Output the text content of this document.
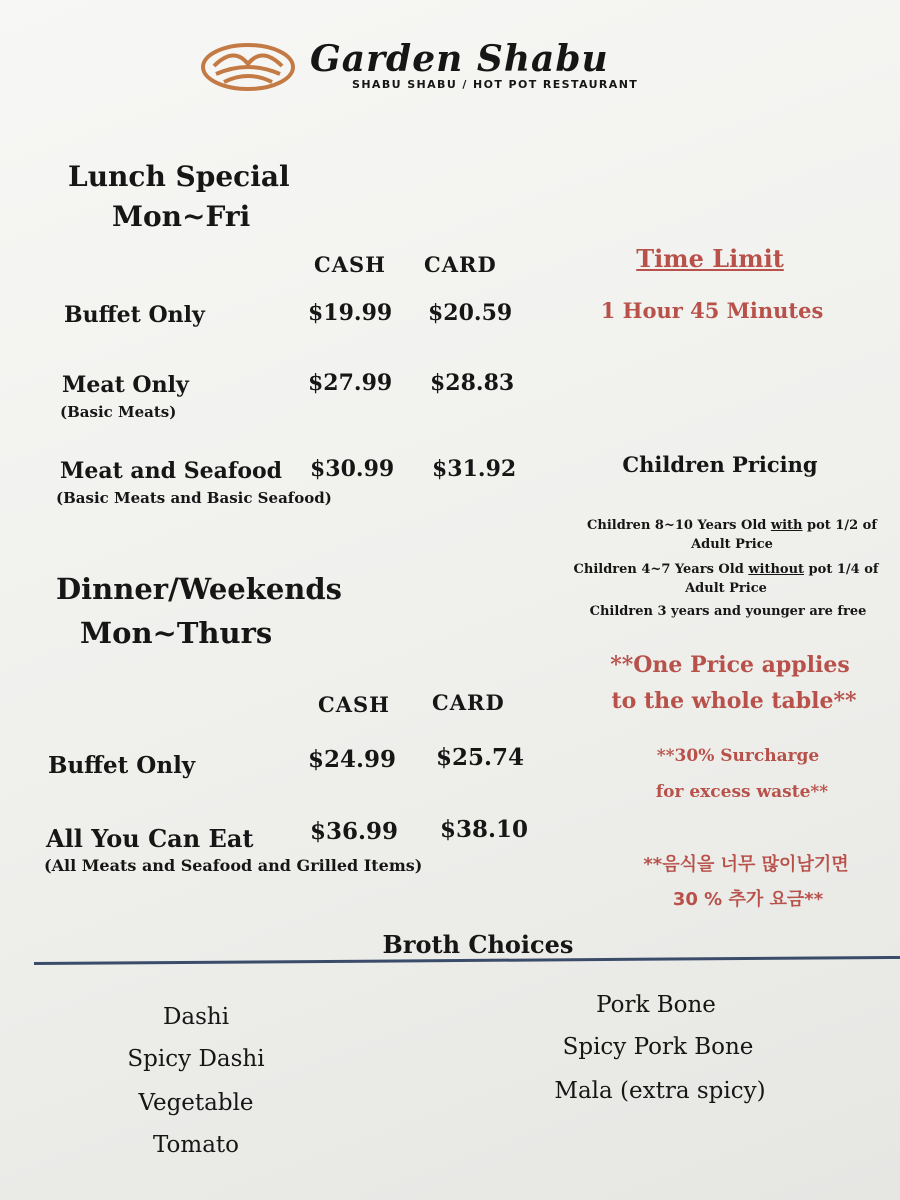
Garden Shabu
SHABU SHABU / HOT POT RESTAURANT
Lunch Special
Mon~Fri
CASH CARD
Buffet Only	$19.99 $20.59
Meat Only
(Basic Meats)
$27.99 $28.83
Meat and Seafood
(Basic Meats and Basic Seafood)
$30.99 $31.92
Dinner/Weekends
Mon~Thurs
CASH CARD
Buffet Only	$24.99 $25.74
All You Can Eat
(All Meats and Seafood and Grilled Items)
$36.99 $38.10
Time Limit
1 Hour 45 Minutes
Children Pricing
Children 8~10 Years Old with pot 1/2 of
Adult Price
Children 4~7 Years Old without pot 1/4 of
Adult Price
Children 3 years and younger are free
**One Price applies
to the whole table**
**30% Surcharge
for excess waste**
**음식을 너무 많이남기면
30 % 추가 요금**
Broth Choices
Dashi
Spicy Dashi
Vegetable
Tomato
Pork Bone
Spicy Pork Bone
Mala (extra spicy)
